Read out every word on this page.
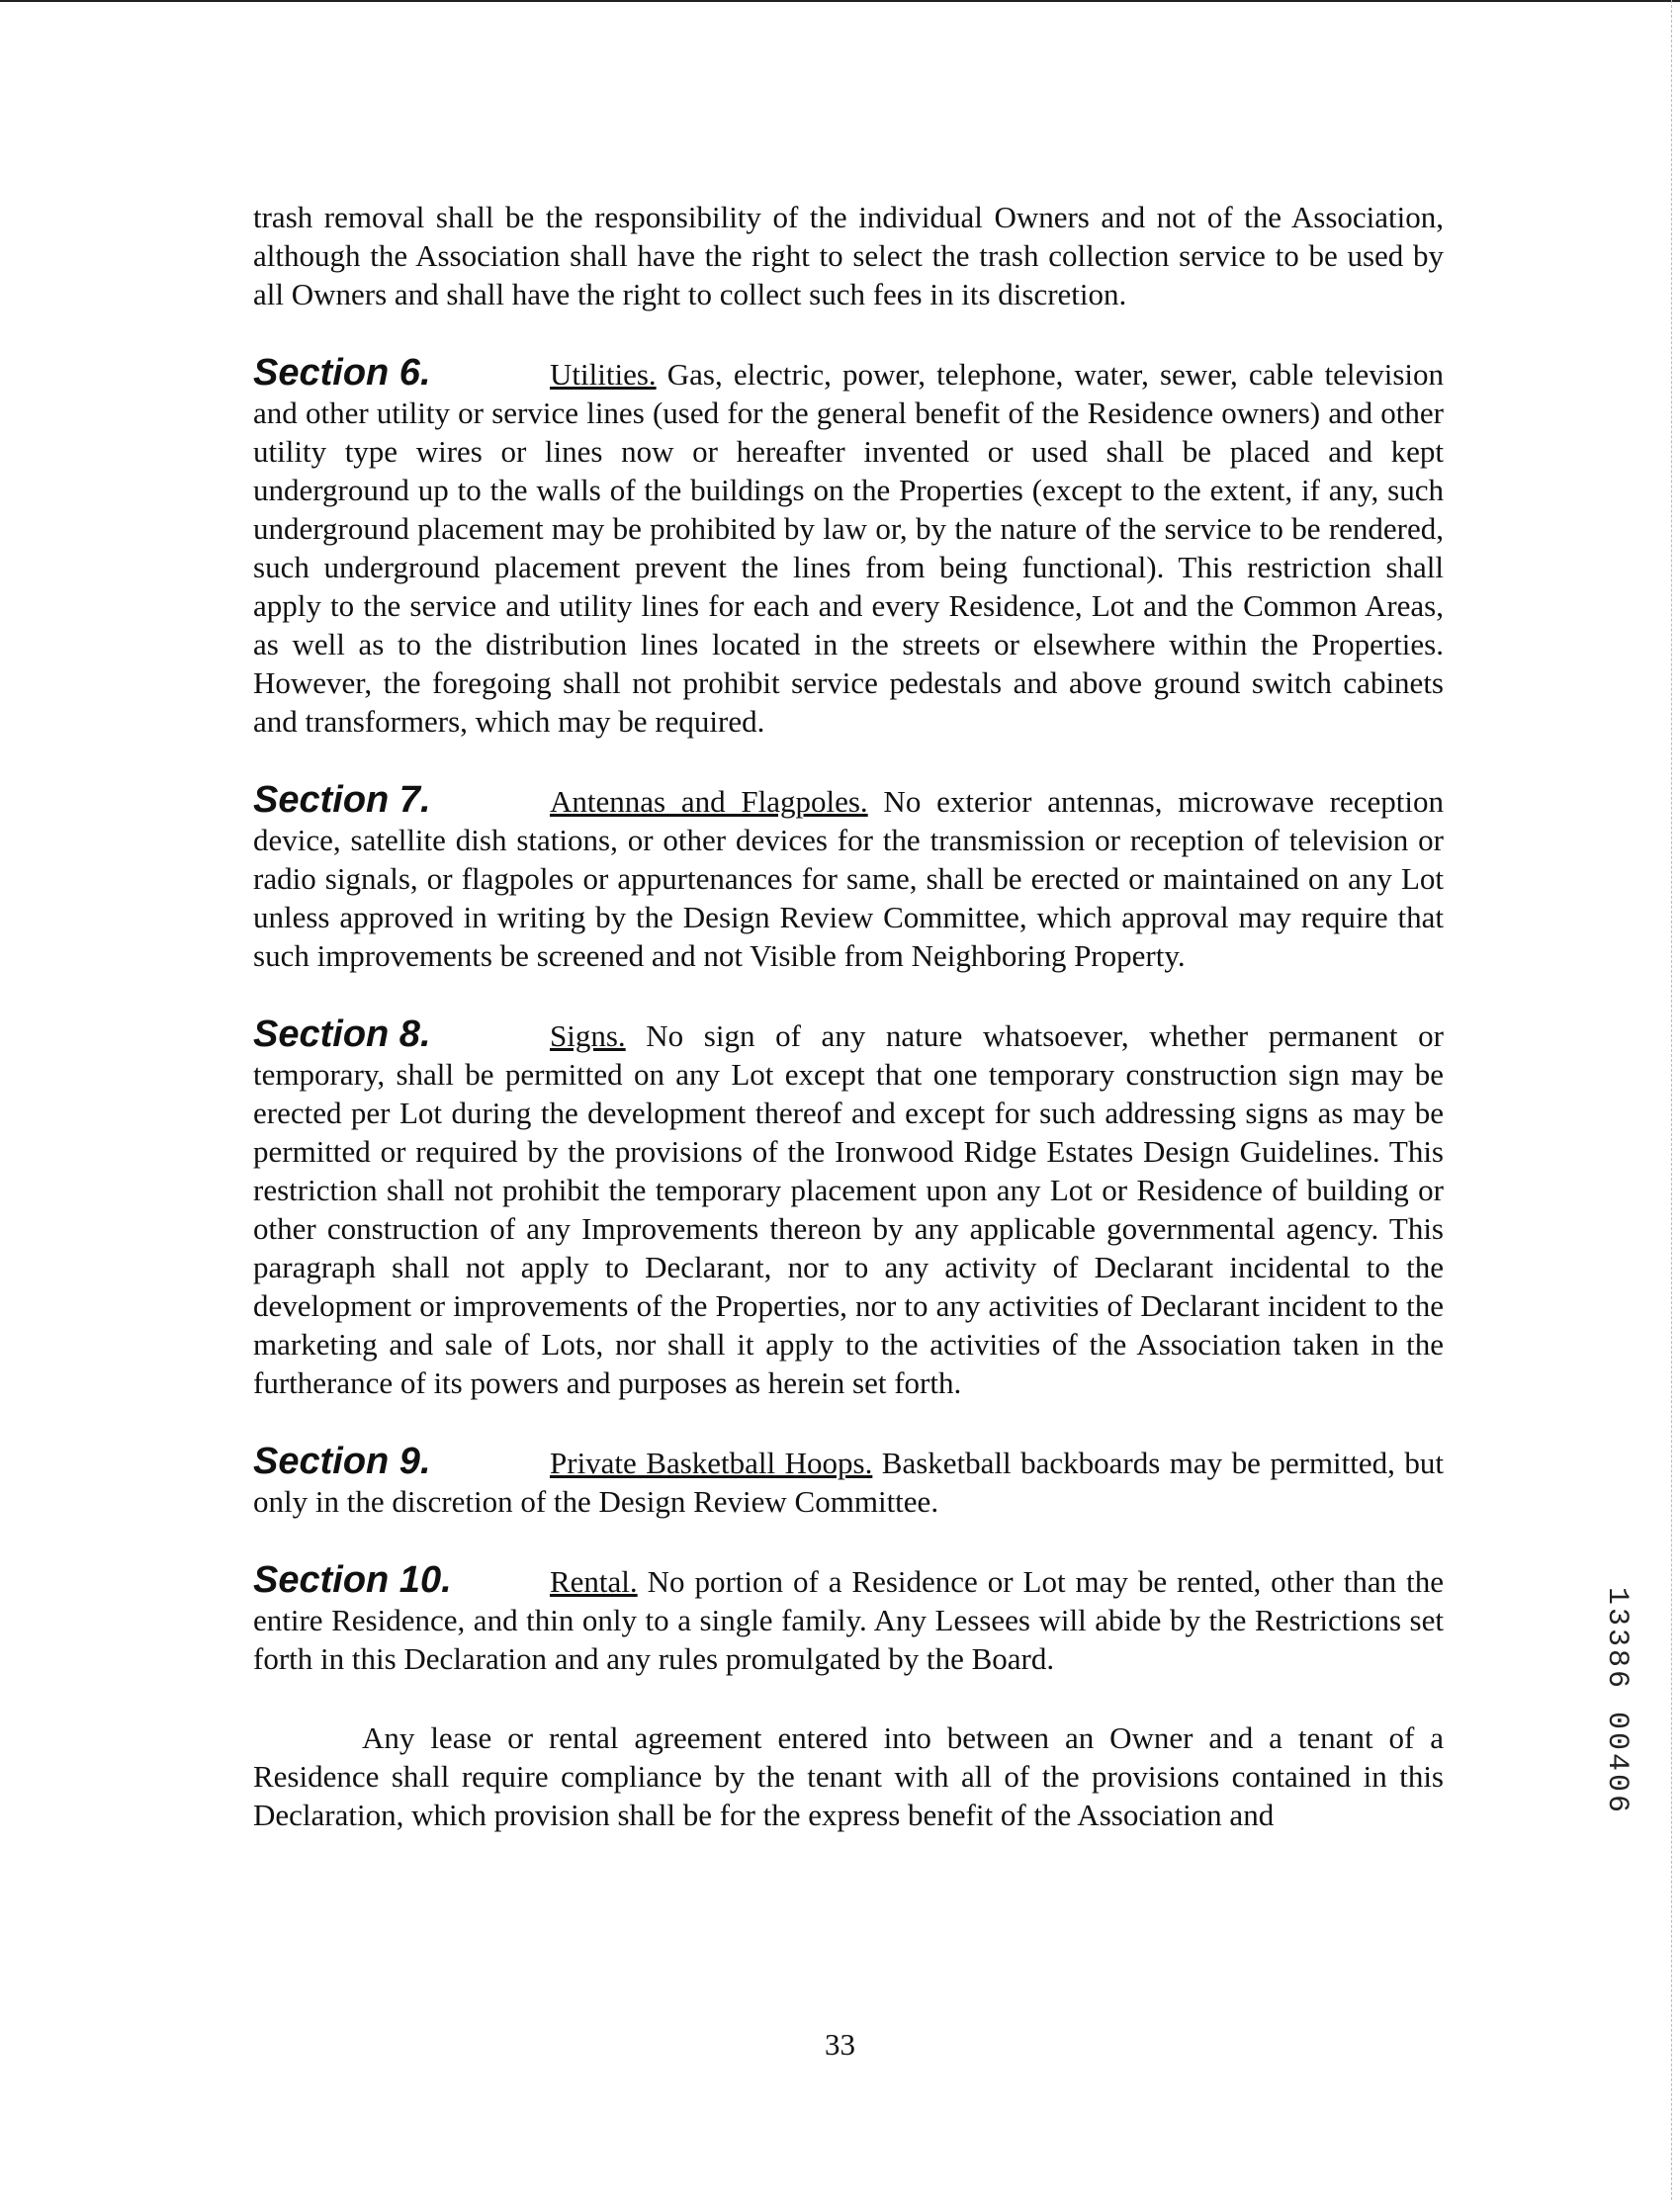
trash removal shall be the responsibility of the individual Owners and not of the Association, although the Association shall have the right to select the trash collection service to be used by all Owners and shall have the right to collect such fees in its discretion.

Section 6.	Utilities. Gas, electric, power, telephone, water, sewer, cable television and other utility or service lines (used for the general benefit of the Residence owners) and other utility type wires or lines now or hereafter invented or used shall be placed and kept underground up to the walls of the buildings on the Properties (except to the extent, if any, such underground placement may be prohibited by law or, by the nature of the service to be rendered, such underground placement prevent the lines from being functional). This restriction shall apply to the service and utility lines for each and every Residence, Lot and the Common Areas, as well as to the distribution lines located in the streets or elsewhere within the Properties. However, the foregoing shall not prohibit service pedestals and above ground switch cabinets and transformers, which may be required.

Section 7.	Antennas and Flagpoles. No exterior antennas, microwave reception device, satellite dish stations, or other devices for the transmission or reception of television or radio signals, or flagpoles or appurtenances for same, shall be erected or maintained on any Lot unless approved in writing by the Design Review Committee, which approval may require that such improvements be screened and not Visible from Neighboring Property.

Section 8.	Signs. No sign of any nature whatsoever, whether permanent or temporary, shall be permitted on any Lot except that one temporary construction sign may be erected per Lot during the development thereof and except for such addressing signs as may be permitted or required by the provisions of the Ironwood Ridge Estates Design Guidelines. This restriction shall not prohibit the temporary placement upon any Lot or Residence of building or other construction of any Improvements thereon by any applicable governmental agency. This paragraph shall not apply to Declarant, nor to any activity of Declarant incidental to the development or improvements of the Properties, nor to any activities of Declarant incident to the marketing and sale of Lots, nor shall it apply to the activities of the Association taken in the furtherance of its powers and purposes as herein set forth.

Section 9.	Private Basketball Hoops. Basketball backboards may be permitted, but only in the discretion of the Design Review Committee.

Section 10.	Rental. No portion of a Residence or Lot may be rented, other than the entire Residence, and thin only to a single family. Any Lessees will abide by the Restrictions set forth in this Declaration and any rules promulgated by the Board.

Any lease or rental agreement entered into between an Owner and a tenant of a Residence shall require compliance by the tenant with all of the provisions contained in this Declaration, which provision shall be for the express benefit of the Association and

33
13386 00406
